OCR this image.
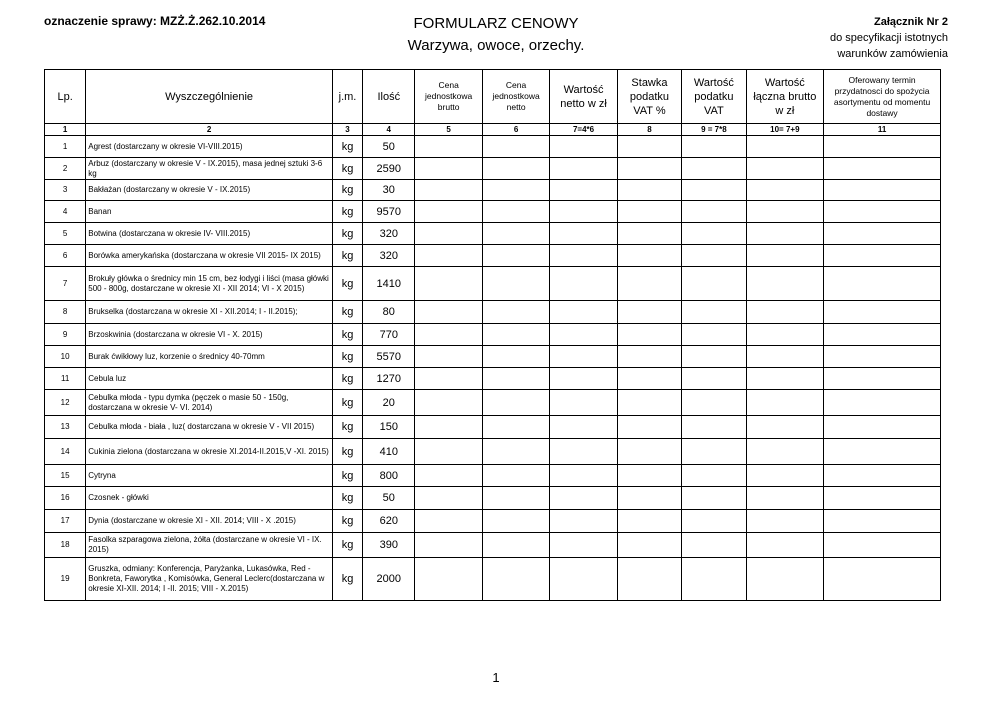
oznaczenie sprawy: MZŻ.Ż.262.10.2014	FORMULARZ CENOWY
Warzywa, owoce, orzechy.
Załącznik Nr 2
do specyfikacji istotnych
warunków zamówienia
Lp.	Wyszczególnienie	j.m.	Ilość	Cena jednostkowa brutto	Cena jednostkowa netto	Wartość netto w zł	Stawka podatku VAT %	Wartość podatku VAT	Wartość łączna brutto w zł	Oferowany termin przydatnosci do spożycia asortymentu od momentu dostawy
1	2	3	4	5	6	7=4*6	8	9 = 7*8	10= 7+9	11
1	Agrest (dostarczany w okresie VI-VIII.2015)	kg	50							
2	Arbuz (dostarczany w okresie V - IX.2015), masa jednej sztuki 3-6 kg	kg	2590							
3	Bakłażan (dostarczany w okresie V - IX.2015)	kg	30							
4	Banan	kg	9570							
5	Botwina (dostarczana w okresie IV- VIII.2015)	kg	320							
6	Borówka amerykańska (dostarczana w okresie VII 2015- IX 2015)	kg	320							
7	Brokuły główka o średnicy min 15 cm, bez łodygi i liści (masa główki 500 - 800g, dostarczane w okresie XI - XII 2014; VI - X 2015)	kg	1410							
8	Brukselka (dostarczana w okresie XI - XII.2014; I - II.2015);	kg	80							
9	Brzoskwinia (dostarczana w okresie VI - X. 2015)	kg	770							
10	Burak ćwikłowy luz, korzenie o średnicy 40-70mm	kg	5570							
11	Cebula luz	kg	1270							
12	Cebulka młoda - typu dymka (pęczek o masie 50 - 150g, dostarczana w okresie V- VI. 2014)	kg	20							
13	Cebulka młoda - biała , luz( dostarczana w okresie V - VII 2015)	kg	150							
14	Cukinia zielona (dostarczana w okresie XI.2014-II.2015,V -XI. 2015)	kg	410							
15	Cytryna	kg	800							
16	Czosnek - główki	kg	50							
17	Dynia (dostarczane w okresie XI - XII. 2014; VIII - X .2015)	kg	620							
18	Fasolka szparagowa zielona, żółta (dostarczane w okresie VI - IX. 2015)	kg	390							
19	Gruszka, odmiany: Konferencja, Paryżanka, Lukasówka, Red - Bonkreta, Faworytka , Komisówka, General Leclerc(dostarczana w okresie XI-XII. 2014; I -II. 2015; VIII - X.2015)	kg	2000							
1
